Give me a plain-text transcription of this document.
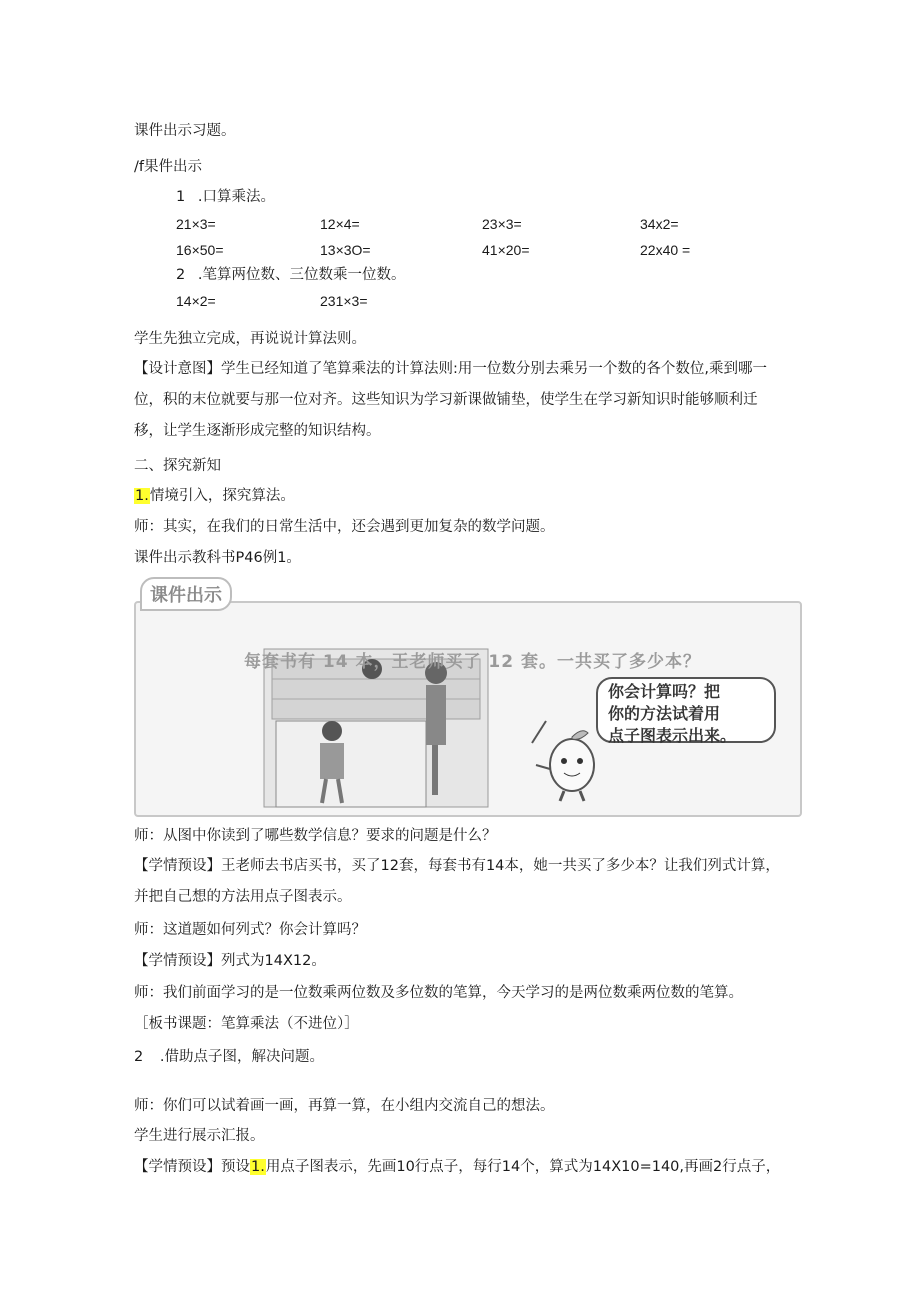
课件出示习题。
/f果件出示
1 .口算乘法。
21×3=	12×4=	23×3=	34x2=
16×50=	13×3O=	41×20=	22x40 =
2 .笔算两位数、三位数乘一位数。
14×2=	231×3=
学生先独立完成，再说说计算法则。
【设计意图】学生已经知道了笔算乘法的计算法则:用一位数分别去乘另一个数的各个数位,乘到哪一位，积的末位就要与那一位对齐。这些知识为学习新课做铺垫，使学生在学习新知识时能够顺利迁移，让学生逐渐形成完整的知识结构。
二、探究新知
1.情境引入，探究算法。
师：其实，在我们的日常生活中，还会遇到更加复杂的数学问题。
课件出示教科书P46例1。
每套书有 14 本，王老师买了 12 套。一共买了多少本？
你会计算吗？把
你的方法试着用
点子图表示出来。
课件出示
师：从图中你读到了哪些数学信息？要求的问题是什么？
【学情预设】王老师去书店买书，买了12套，每套书有14本，她一共买了多少本？让我们列式计算，并把自己想的方法用点子图表示。
师：这道题如何列式？你会计算吗？
【学情预设】列式为14X12。
师：我们前面学习的是一位数乘两位数及多位数的笔算，今天学习的是两位数乘两位数的笔算。
［板书课题：笔算乘法（不进位）］
2 .借助点子图，解决问题。
师：你们可以试着画一画，再算一算，在小组内交流自己的想法。
学生进行展示汇报。
【学情预设】预设1.用点子图表示，先画10行点子，每行14个，算式为14X10=140,再画2行点子，
